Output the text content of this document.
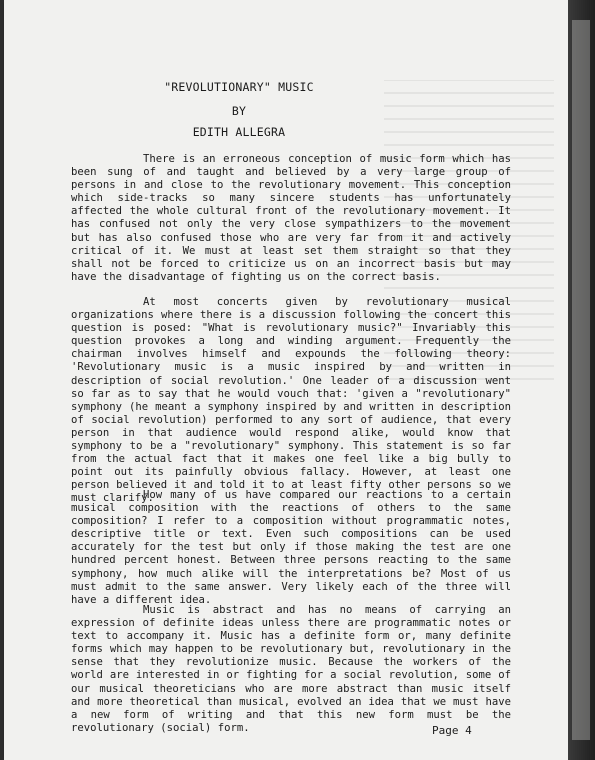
"REVOLUTIONARY" MUSIC
BY
EDITH ALLEGRA

There is an erroneous conception of music form which has been sung of and taught and believed by a very large group of persons in and close to the revolutionary movement. This conception which side-tracks so many sincere students has unfortunately affected the whole cultural front of the revolutionary movement. It has confused not only the very close sympathizers to the movement but has also confused those who are very far from it and actively critical of it. We must at least set them straight so that they shall not be forced to criticize us on an incorrect basis but may have the disadvantage of fighting us on the correct basis.

At most concerts given by revolutionary musical organizations where there is a discussion following the concert this question is posed: "What is revolutionary music?" Invariably this question provokes a long and winding argument. Frequently the chairman involves himself and expounds the following theory: 'Revolutionary music is a music inspired by and written in description of social revolution.' One leader of a discussion went so far as to say that he would vouch that: 'given a "revolutionary" symphony (he meant a symphony inspired by and written in description of social revolution) performed to any sort of audience, that every person in that audience would respond alike, would know that symphony to be a "revolutionary" symphony. This statement is so far from the actual fact that it makes one feel like a big bully to point out its painfully obvious fallacy. However, at least one person believed it and told it to at least fifty other persons so we must clarify.

How many of us have compared our reactions to a certain musical composition with the reactions of others to the same composition? I refer to a composition without programmatic notes, descriptive title or text. Even such compositions can be used accurately for the test but only if those making the test are one hundred percent honest. Between three persons reacting to the same symphony, how much alike will the interpretations be? Most of us must admit to the same answer. Very likely each of the three will have a different idea.

Music is abstract and has no means of carrying an expression of definite ideas unless there are programmatic notes or text to accompany it. Music has a definite form or, many definite forms which may happen to be revolutionary but, revolutionary in the sense that they revolutionize music. Because the workers of the world are interested in or fighting for a social revolution, some of our musical theoreticians who are more abstract than music itself and more theoretical than musical, evolved an idea that we must have a new form of writing and that this new form must be the revolutionary (social) form.	Page 4
